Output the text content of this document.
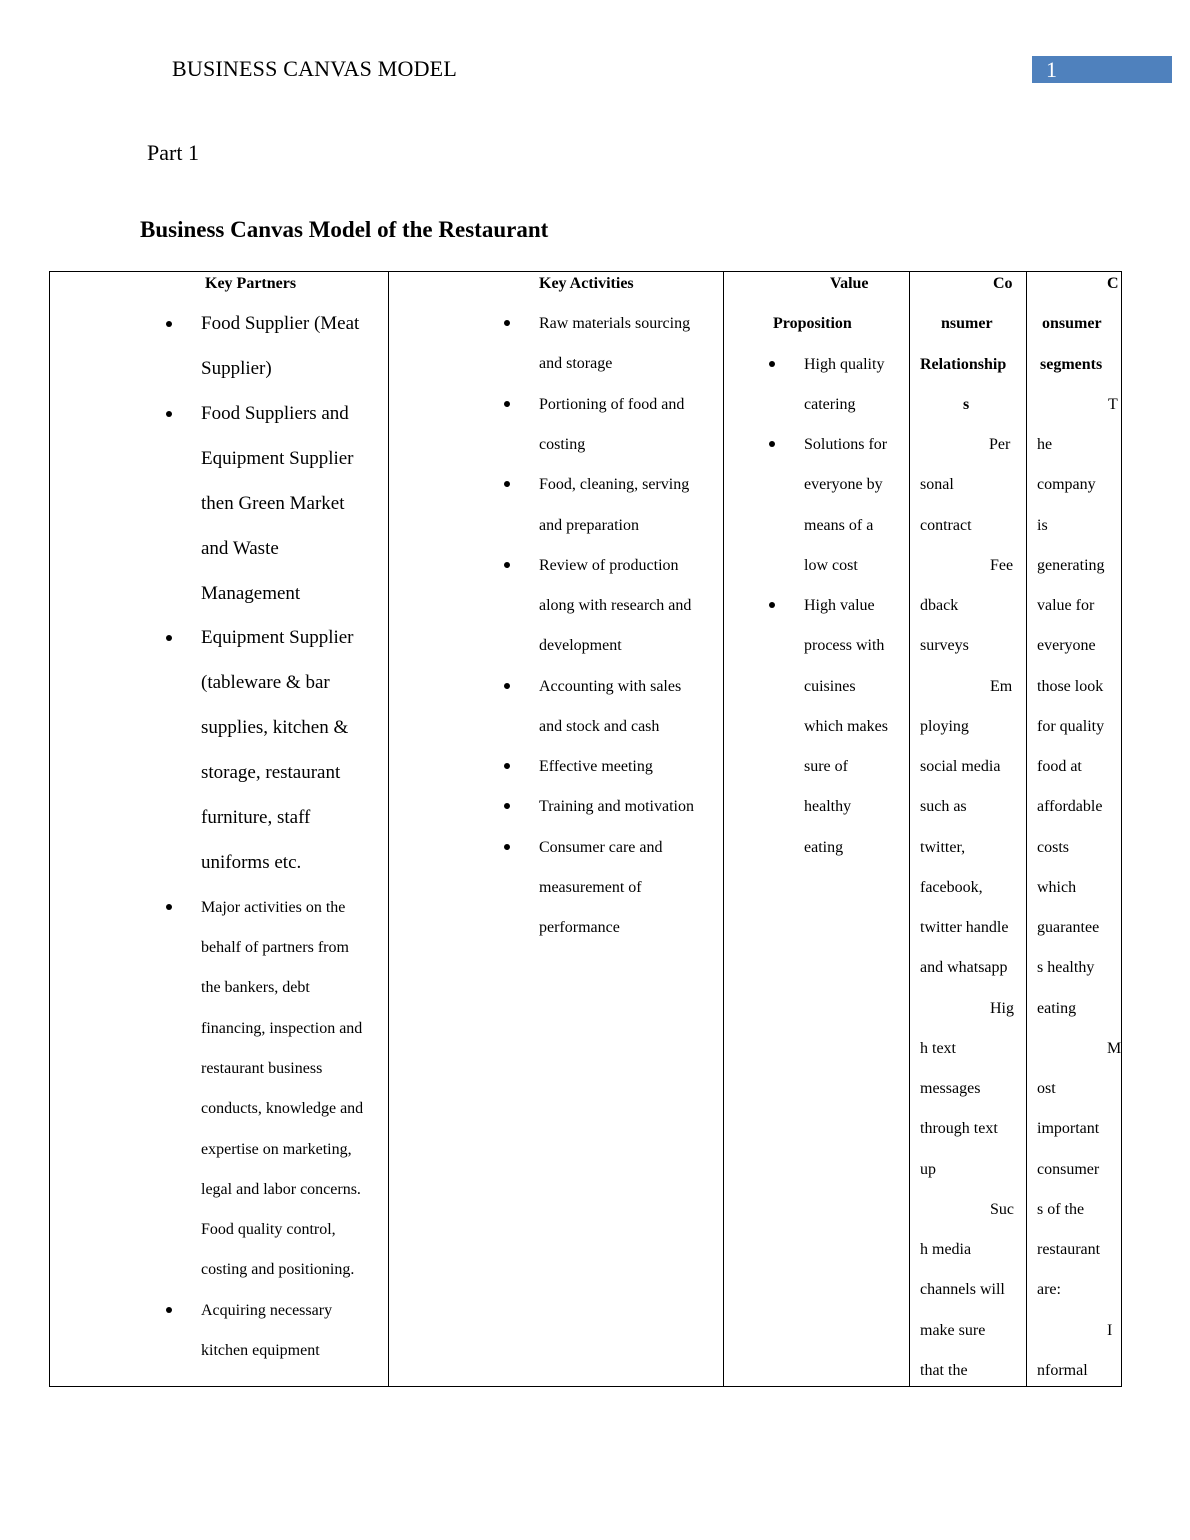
BUSINESS CANVAS MODEL	1
Part 1
Business Canvas Model of the Restaurant
Key Partners
Food Supplier (Meat
Supplier)
Food Suppliers and
Equipment Supplier
then Green Market
and Waste
Management
Equipment Supplier
(tableware & bar
supplies, kitchen &
storage, restaurant
furniture, staff
uniforms etc.
Major activities on the
behalf of partners from
the bankers, debt
financing, inspection and
restaurant business
conducts, knowledge and
expertise on marketing,
legal and labor concerns.
Food quality control,
costing and positioning.
Acquiring necessary
kitchen equipment
Key Activities
Raw materials sourcing
and storage
Portioning of food and
costing
Food, cleaning, serving
and preparation
Review of production
along with research and
development
Accounting with sales
and stock and cash
Effective meeting
Training and motivation
Consumer care and
measurement of
performance
Value
Proposition
High quality
catering
Solutions for
everyone by
means of a
low cost
High value
process with
cuisines
which makes
sure of
healthy
eating
Co
nsumer
Relationship
s
Per
sonal
contract
Fee
dback
surveys
Em
ploying
social media
such as
twitter,
facebook,
twitter handle
and whatsapp
Hig
h text
messages
through text
up
Suc
h media
channels will
make sure
that the
C
onsumer
segments
T
he
company
is
generating
value for
everyone
those look
for quality
food at
affordable
costs
which
guarantee
s healthy
eating
M
ost
important
consumer
s of the
restaurant
are:
I
nformal
